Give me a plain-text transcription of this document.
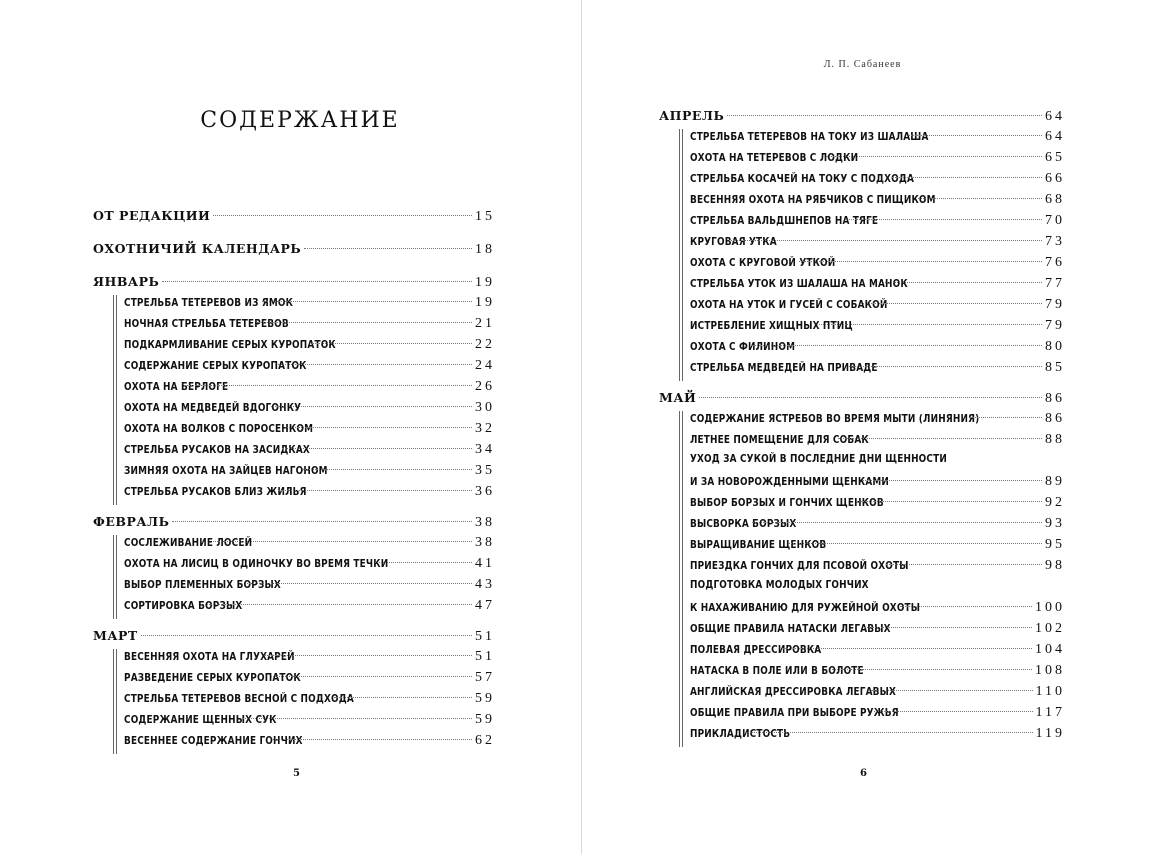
СОДЕРЖАНИЕ
ОТ РЕДАКЦИИ	15
ОХОТНИЧИЙ КАЛЕНДАРЬ	18
ЯНВАРЬ	19
СТРЕЛЬБА ТЕТЕРЕВОВ ИЗ ЯМОК	19
НОЧНАЯ СТРЕЛЬБА ТЕТЕРЕВОВ	21
ПОДКАРМЛИВАНИЕ СЕРЫХ КУРОПАТОК	22
СОДЕРЖАНИЕ СЕРЫХ КУРОПАТОК	24
ОХОТА НА БЕРЛОГЕ	26
ОХОТА НА МЕДВЕДЕЙ ВДОГОНКУ	30
ОХОТА НА ВОЛКОВ С ПОРОСЕНКОМ	32
СТРЕЛЬБА РУСАКОВ НА ЗАСИДКАХ	34
ЗИМНЯЯ ОХОТА НА ЗАЙЦЕВ НАГОНОМ	35
СТРЕЛЬБА РУСАКОВ БЛИЗ ЖИЛЬЯ	36
ФЕВРАЛЬ	38
СОСЛЕЖИВАНИЕ ЛОСЕЙ	38
ОХОТА НА ЛИСИЦ В ОДИНОЧКУ ВО ВРЕМЯ ТЕЧКИ	41
ВЫБОР ПЛЕМЕННЫХ БОРЗЫХ	43
СОРТИРОВКА БОРЗЫХ	47
МАРТ	51
ВЕСЕННЯЯ ОХОТА НА ГЛУХАРЕЙ	51
РАЗВЕДЕНИЕ СЕРЫХ КУРОПАТОК	57
СТРЕЛЬБА ТЕТЕРЕВОВ ВЕСНОЙ С ПОДХОДА	59
СОДЕРЖАНИЕ ЩЕННЫХ СУК	59
ВЕСЕННЕЕ СОДЕРЖАНИЕ ГОНЧИХ	62
5
Л. П. Сабанеев
АПРЕЛЬ	64
СТРЕЛЬБА ТЕТЕРЕВОВ НА ТОКУ ИЗ ШАЛАША	64
ОХОТА НА ТЕТЕРЕВОВ С ЛОДКИ	65
СТРЕЛЬБА КОСАЧЕЙ НА ТОКУ С ПОДХОДА	66
ВЕСЕННЯЯ ОХОТА НА РЯБЧИКОВ С ПИЩИКОМ	68
СТРЕЛЬБА ВАЛЬДШНЕПОВ НА ТЯГЕ	70
КРУГОВАЯ УТКА	73
ОХОТА С КРУГОВОЙ УТКОЙ	76
СТРЕЛЬБА УТОК ИЗ ШАЛАША НА МАНОК	77
ОХОТА НА УТОК И ГУСЕЙ С СОБАКОЙ	79
ИСТРЕБЛЕНИЕ ХИЩНЫХ ПТИЦ	79
ОХОТА С ФИЛИНОМ	80
СТРЕЛЬБА МЕДВЕДЕЙ НА ПРИВАДЕ	85
МАЙ	86
СОДЕРЖАНИЕ ЯСТРЕБОВ ВО ВРЕМЯ МЫТИ (ЛИНЯНИЯ)	86
ЛЕТНЕЕ ПОМЕЩЕНИЕ ДЛЯ СОБАК	88
УХОД ЗА СУКОЙ В ПОСЛЕДНИЕ ДНИ ЩЕННОСТИ
И ЗА НОВОРОЖДЕННЫМИ ЩЕНКАМИ	89
ВЫБОР БОРЗЫХ И ГОНЧИХ ЩЕНКОВ	92
ВЫСВОРКА БОРЗЫХ	93
ВЫРАЩИВАНИЕ ЩЕНКОВ	95
ПРИЕЗДКА ГОНЧИХ ДЛЯ ПСОВОЙ ОХОТЫ	98
ПОДГОТОВКА МОЛОДЫХ ГОНЧИХ
К НАХАЖИВАНИЮ ДЛЯ РУЖЕЙНОЙ ОХОТЫ	100
ОБЩИЕ ПРАВИЛА НАТАСКИ ЛЕГАВЫХ	102
ПОЛЕВАЯ ДРЕССИРОВКА	104
НАТАСКА В ПОЛЕ ИЛИ В БОЛОТЕ	108
АНГЛИЙСКАЯ ДРЕССИРОВКА ЛЕГАВЫХ	110
ОБЩИЕ ПРАВИЛА ПРИ ВЫБОРЕ РУЖЬЯ	117
ПРИКЛАДИСТОСТЬ	119
6
